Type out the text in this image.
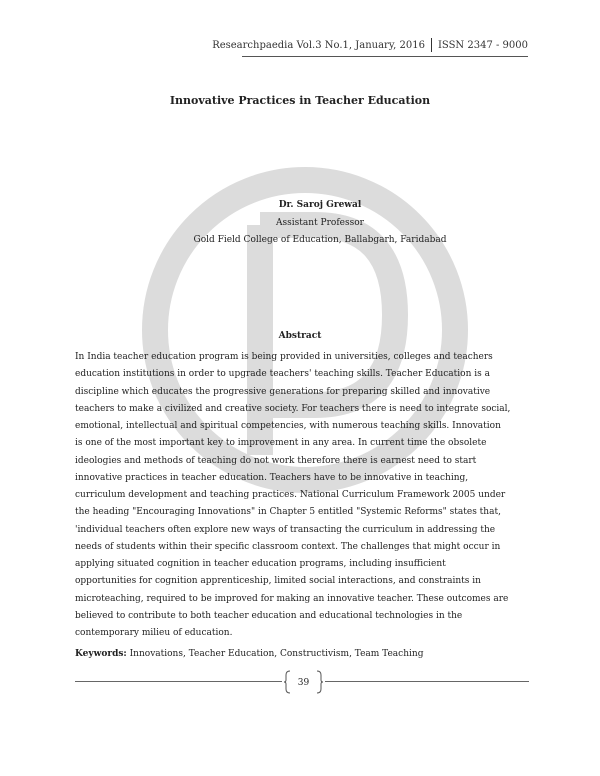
Researchpaedia Vol.3 No.1, January, 2016 ISSN 2347 - 9000
Innovative Practices in Teacher Education
Dr. Saroj Grewal
Assistant Professor
Gold Field College of Education, Ballabgarh, Faridabad
Abstract
In India teacher education program is being provided in universities, colleges and teachers
education institutions in order to upgrade teachers' teaching skills. Teacher Education is a
discipline which educates the progressive generations for preparing skilled and innovative
teachers to make a civilized and creative society. For teachers there is need to integrate social,
emotional, intellectual and spiritual competencies, with numerous teaching skills. Innovation
is one of the most important key to improvement in any area. In current time the obsolete
ideologies and methods of teaching do not work therefore there is earnest need to start
innovative practices in teacher education. Teachers have to be innovative in teaching,
curriculum development and teaching practices. National Curriculum Framework 2005 under
the heading "Encouraging Innovations" in Chapter 5 entitled "Systemic Reforms" states that,
'individual teachers often explore new ways of transacting the curriculum in addressing the
needs of students within their specific classroom context. The challenges that might occur in
applying situated cognition in teacher education programs, including insufficient
opportunities for cognition apprenticeship, limited social interactions, and constraints in
microteaching, required to be improved for making an innovative teacher. These outcomes are
believed to contribute to both teacher education and educational technologies in the
contemporary milieu of education.
Keywords: Innovations, Teacher Education, Constructivism, Team Teaching
39
